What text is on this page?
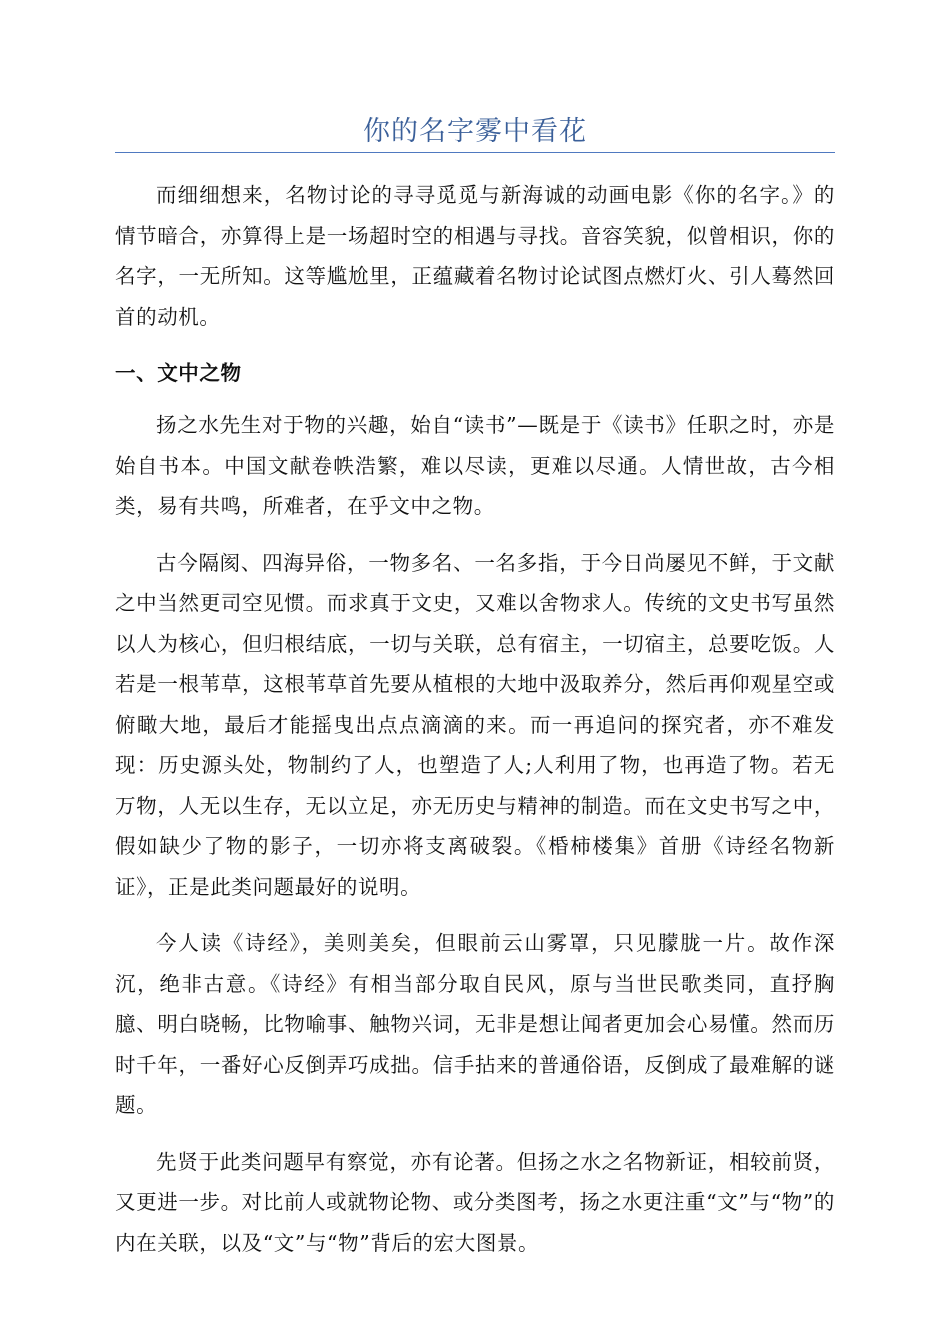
你的名字雾中看花

而细细想来，名物讨论的寻寻觅觅与新海诚的动画电影《你的名字。》的情节暗合，亦算得上是一场超时空的相遇与寻找。音容笑貌，似曾相识，你的名字，一无所知。这等尴尬里，正蕴藏着名物讨论试图点燃灯火、引人蓦然回首的动机。

一、文中之物

扬之水先生对于物的兴趣，始自“读书”—既是于《读书》任职之时，亦是始自书本。中国文献卷帙浩繁，难以尽读，更难以尽通。人情世故，古今相类，易有共鸣，所难者，在乎文中之物。

古今隔阂、四海异俗，一物多名、一名多指，于今日尚屡见不鲜，于文献之中当然更司空见惯。而求真于文史，又难以舍物求人。传统的文史书写虽然以人为核心，但归根结底，一切与关联，总有宿主，一切宿主，总要吃饭。人若是一根苇草，这根苇草首先要从植根的大地中汲取养分，然后再仰观星空或俯瞰大地，最后才能摇曳出点点滴滴的来。而一再追问的探究者，亦不难发现：历史源头处，物制约了人，也塑造了人;人利用了物，也再造了物。若无万物，人无以生存，无以立足，亦无历史与精神的制造。而在文史书写之中，假如缺少了物的影子，一切亦将支离破裂。《棔柿楼集》首册《诗经名物新证》，正是此类问题最好的说明。

今人读《诗经》，美则美矣，但眼前云山雾罩，只见朦胧一片。故作深沉，绝非古意。《诗经》有相当部分取自民风，原与当世民歌类同，直抒胸臆、明白晓畅，比物喻事、触物兴词，无非是想让闻者更加会心易懂。然而历时千年，一番好心反倒弄巧成拙。信手拈来的普通俗语，反倒成了最难解的谜题。

先贤于此类问题早有察觉，亦有论著。但扬之水之名物新证，相较前贤，又更进一步。对比前人或就物论物、或分类图考，扬之水更注重“文”与“物”的内在关联，以及“文”与“物”背后的宏大图景。
